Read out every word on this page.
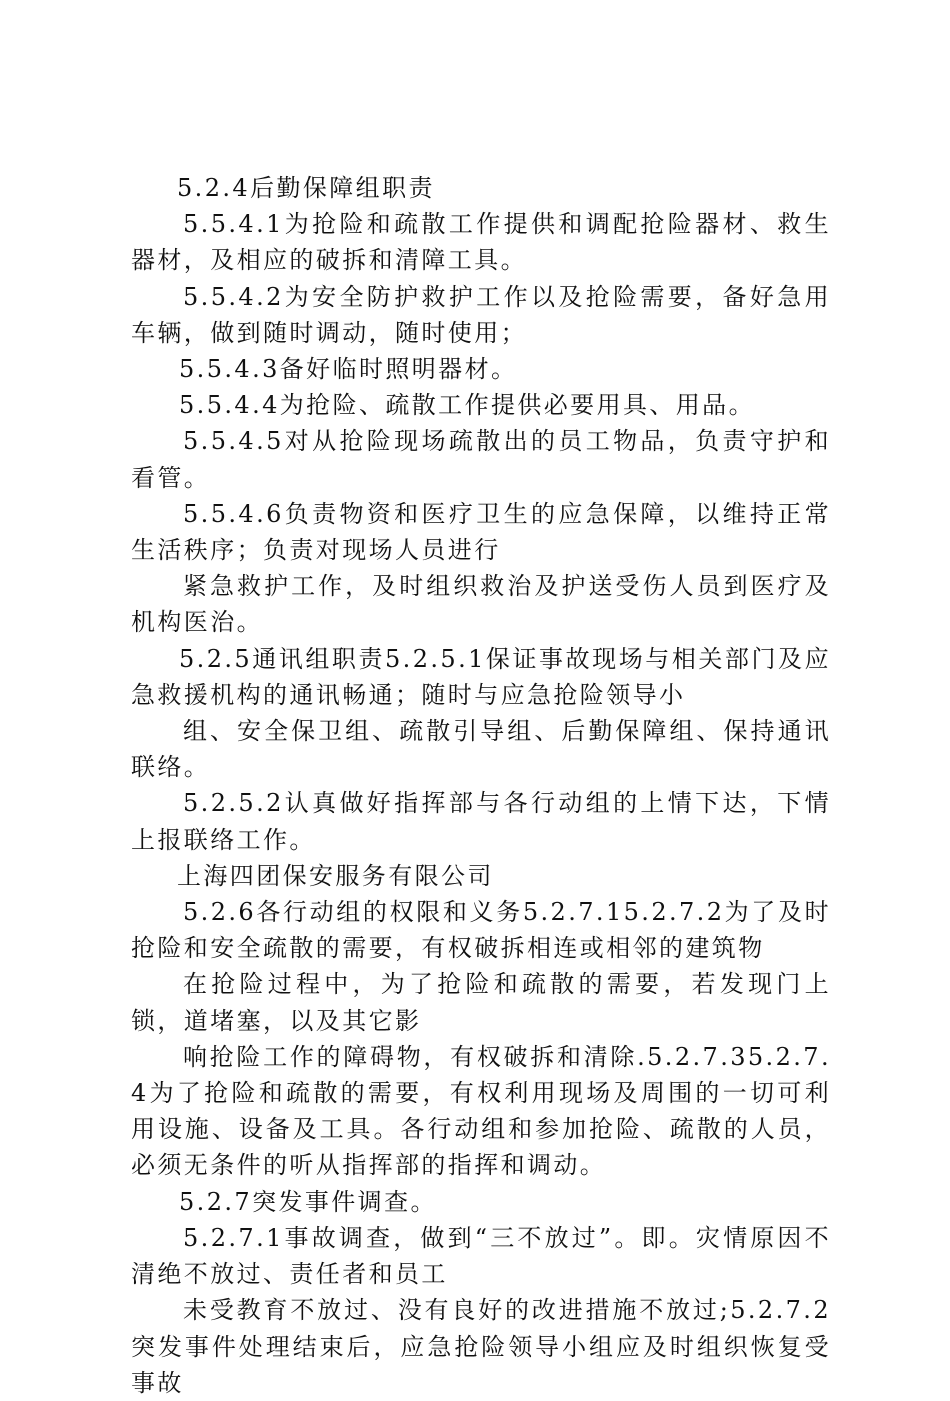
5.2.4后勤保障组职责

5.5.4.1为抢险和疏散工作提供和调配抢险器材、救生器材，及相应的破拆和清障工具。

5.5.4.2为安全防护救护工作以及抢险需要，备好急用车辆，做到随时调动，随时使用；

5.5.4.3备好临时照明器材。

5.5.4.4为抢险、疏散工作提供必要用具、用品。

5.5.4.5对从抢险现场疏散出的员工物品，负责守护和看管。

5.5.4.6负责物资和医疗卫生的应急保障，以维持正常生活秩序；负责对现场人员进行

紧急救护工作，及时组织救治及护送受伤人员到医疗及机构医治。

5.2.5通讯组职责5.2.5.1保证事故现场与相关部门及应急救援机构的通讯畅通；随时与应急抢险领导小

组、安全保卫组、疏散引导组、后勤保障组、保持通讯联络。

5.2.5.2认真做好指挥部与各行动组的上情下达，下情上报联络工作。

上海四团保安服务有限公司

5.2.6各行动组的权限和义务5.2.7.15.2.7.2为了及时抢险和安全疏散的需要，有权破拆相连或相邻的建筑物

在抢险过程中，为了抢险和疏散的需要，若发现门上锁，道堵塞，以及其它影

响抢险工作的障碍物，有权破拆和清除.5.2.7.35.2.7.4为了抢险和疏散的需要，有权利用现场及周围的一切可利用设施、设备及工具。各行动组和参加抢险、疏散的人员，必须无条件的听从指挥部的指挥和调动。

5.2.7突发事件调查。

5.2.7.1事故调查，做到“三不放过”。即。灾情原因不清绝不放过、责任者和员工

未受教育不放过、没有良好的改进措施不放过;5.2.7.2突发事件处理结束后，应急抢险领导小组应及时组织恢复受事故
